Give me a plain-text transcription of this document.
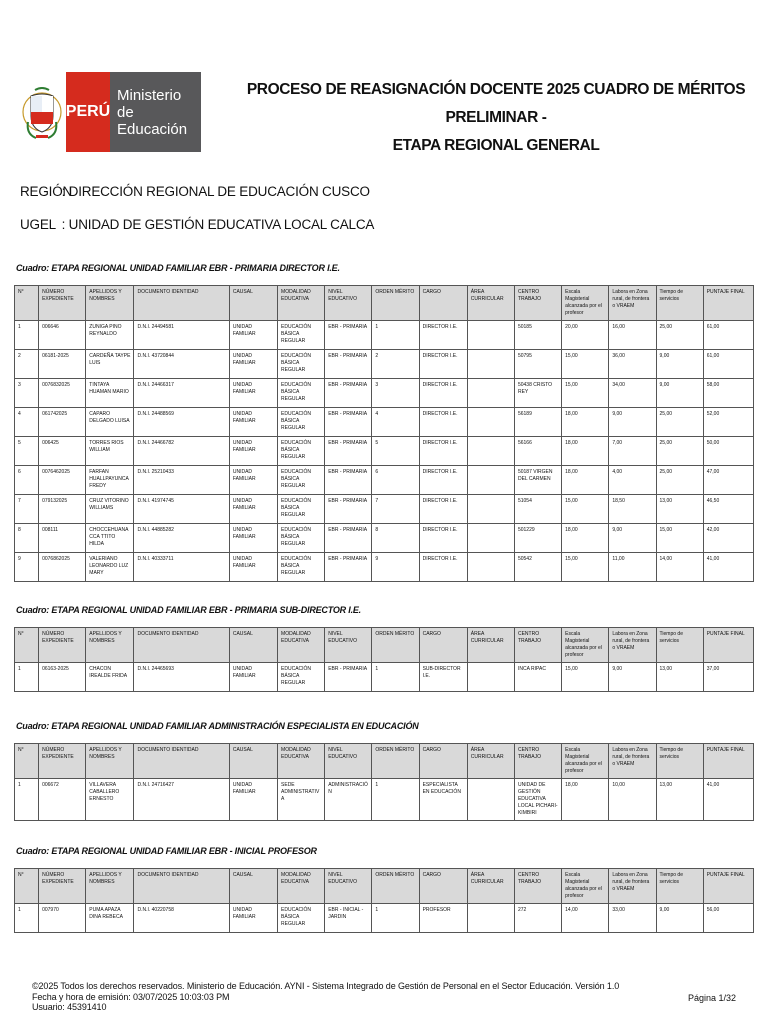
PERÚ
Ministerio
de Educación
PROCESO DE REASIGNACIÓN DOCENTE 2025 CUADRO DE MÉRITOS PRELIMINAR -
ETAPA REGIONAL GENERAL
REGIÓN : DIRECCIÓN REGIONAL DE EDUCACIÓN CUSCO
UGEL : UNIDAD DE GESTIÓN EDUCATIVA LOCAL CALCA
Cuadro: ETAPA REGIONAL UNIDAD FAMILIAR EBR - PRIMARIA DIRECTOR I.E.
N°	NÚMERO EXPEDIENTE	APELLIDOS Y NOMBRES	DOCUMENTO IDENTIDAD	CAUSAL	MODALIDAD EDUCATIVA	NIVEL EDUCATIVO	ORDEN MÉRITO	CARGO	ÁREA CURRICULAR	CENTRO TRABAJO	Escala Magisterial alcanzada por el profesor	Labora en Zona rural, de frontera o VRAEM	Tiempo de servicios	PUNTAJE FINAL
1	006646	ZUNIGA PINO REYNALDO	D.N.I. 24494581	UNIDAD FAMILIAR	EDUCACIÓN BÁSICA REGULAR	EBR - PRIMARIA	1	DIRECTOR I.E.		50185	20,00	16,00	25,00	61,00
2	06181-2025	CARDEÑA TAYPE LUIS	D.N.I. 43720844	UNIDAD FAMILIAR	EDUCACIÓN BÁSICA REGULAR	EBR - PRIMARIA	2	DIRECTOR I.E.		50795	15,00	36,00	9,00	61,00
3	0076832025	TINTAYA HUAMAN MARIO	D.N.I. 24466317	UNIDAD FAMILIAR	EDUCACIÓN BÁSICA REGULAR	EBR - PRIMARIA	3	DIRECTOR I.E.		50438 CRISTO REY	15,00	34,00	9,00	58,00
4	061742025	CAPARO DELGADO LUISA	D.N.I. 24488569	UNIDAD FAMILIAR	EDUCACIÓN BÁSICA REGULAR	EBR - PRIMARIA	4	DIRECTOR I.E.		56189	18,00	9,00	25,00	52,00
5	006425	TORRES RIOS WILLIAM	D.N.I. 24466782	UNIDAD FAMILIAR	EDUCACIÓN BÁSICA REGULAR	EBR - PRIMARIA	5	DIRECTOR I.E.		56166	18,00	7,00	25,00	50,00
6	0076462025	FARFAN HUALLPAYUNCA FREDY	D.N.I. 25210433	UNIDAD FAMILIAR	EDUCACIÓN BÁSICA REGULAR	EBR - PRIMARIA	6	DIRECTOR I.E.		50187 VIRGEN DEL CARMEN	18,00	4,00	25,00	47,00
7	079132025	CRUZ VITORINO WILLIAMS	D.N.I. 41974745	UNIDAD FAMILIAR	EDUCACIÓN BÁSICA REGULAR	EBR - PRIMARIA	7	DIRECTOR I.E.		51054	15,00	18,50	13,00	46,50
8	008111	CHOCCEHUANACCA TTITO HILDA	D.N.I. 44885282	UNIDAD FAMILIAR	EDUCACIÓN BÁSICA REGULAR	EBR - PRIMARIA	8	DIRECTOR I.E.		501229	18,00	9,00	15,00	42,00
9	0076862025	VALERIANO LEONARDO LUZ MARY	D.N.I. 40333711	UNIDAD FAMILIAR	EDUCACIÓN BÁSICA REGULAR	EBR - PRIMARIA	9	DIRECTOR I.E.		50542	15,00	11,00	14,00	41,00
Cuadro: ETAPA REGIONAL UNIDAD FAMILIAR EBR - PRIMARIA SUB-DIRECTOR I.E.
N°	NÚMERO EXPEDIENTE	APELLIDOS Y NOMBRES	DOCUMENTO IDENTIDAD	CAUSAL	MODALIDAD EDUCATIVA	NIVEL EDUCATIVO	ORDEN MÉRITO	CARGO	ÁREA CURRICULAR	CENTRO TRABAJO	Escala Magisterial alcanzada por el profesor	Labora en Zona rural, de frontera o VRAEM	Tiempo de servicios	PUNTAJE FINAL
1	06163-2025	CHACON IREALDE FRIDA	D.N.I. 24465693	UNIDAD FAMILIAR	EDUCACIÓN BÁSICA REGULAR	EBR - PRIMARIA	1	SUB-DIRECTOR I.E.		INCA RIPAC	15,00	9,00	13,00	37,00
Cuadro: ETAPA REGIONAL UNIDAD FAMILIAR ADMINISTRACIÓN ESPECIALISTA EN EDUCACIÓN
N°	NÚMERO EXPEDIENTE	APELLIDOS Y NOMBRES	DOCUMENTO IDENTIDAD	CAUSAL	MODALIDAD EDUCATIVA	NIVEL EDUCATIVO	ORDEN MÉRITO	CARGO	ÁREA CURRICULAR	CENTRO TRABAJO	Escala Magisterial alcanzada por el profesor	Labora en Zona rural, de frontera o VRAEM	Tiempo de servicios	PUNTAJE FINAL
1	006672	VILLAVERA CABALLERO ERNESTO	D.N.I. 24716427	UNIDAD FAMILIAR	SEDE ADMINISTRATIVA	ADMINISTRACIÓN	1	ESPECIALISTA EN EDUCACIÓN		UNIDAD DE GESTIÓN EDUCATIVA LOCAL PICHARI-KIMBIRI	18,00	10,00	13,00	41,00
Cuadro: ETAPA REGIONAL UNIDAD FAMILIAR EBR - INICIAL PROFESOR
N°	NÚMERO EXPEDIENTE	APELLIDOS Y NOMBRES	DOCUMENTO IDENTIDAD	CAUSAL	MODALIDAD EDUCATIVA	NIVEL EDUCATIVO	ORDEN MÉRITO	CARGO	ÁREA CURRICULAR	CENTRO TRABAJO	Escala Magisterial alcanzada por el profesor	Labora en Zona rural, de frontera o VRAEM	Tiempo de servicios	PUNTAJE FINAL
1	007970	PUMA APAZA DINA REBECA	D.N.I. 40220758	UNIDAD FAMILIAR	EDUCACIÓN BÁSICA REGULAR	EBR - INICIAL - JARDIN	1	PROFESOR		272	14,00	33,00	9,00	56,00
©2025 Todos los derechos reservados. Ministerio de Educación. AYNI - Sistema Integrado de Gestión de Personal en el Sector Educación. Versión 1.0
Fecha y hora de emisión: 03/07/2025 10:03:03 PM
Usuario: 45391410
Página 1/32
